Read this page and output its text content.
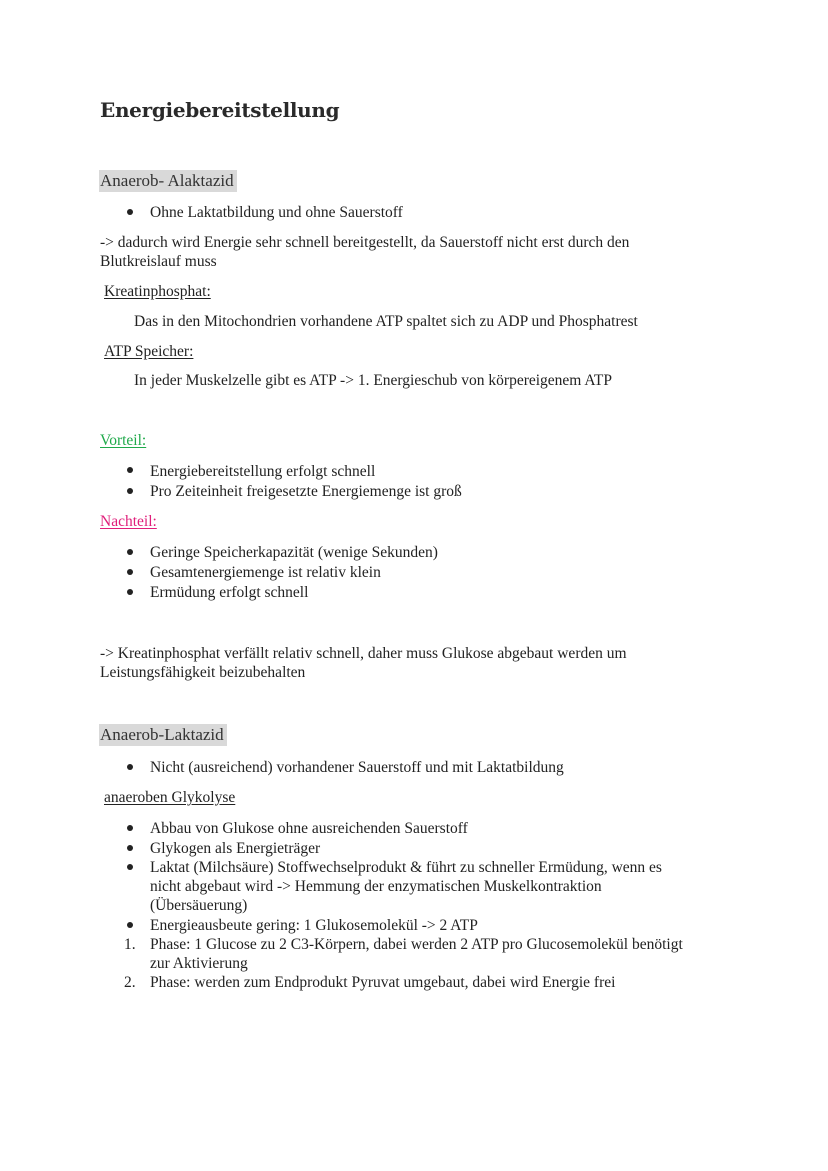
Energiebereitstellung
Anaerob- Alaktazid
Ohne Laktatbildung und ohne Sauerstoff
-> dadurch wird Energie sehr schnell bereitgestellt, da Sauerstoff nicht erst durch den
Blutkreislauf muss
Kreatinphosphat:
Das in den Mitochondrien vorhandene ATP spaltet sich zu ADP und Phosphatrest
ATP Speicher:
In jeder Muskelzelle gibt es ATP -> 1. Energieschub von körpereigenem ATP
Vorteil:
Energiebereitstellung erfolgt schnell
Pro Zeiteinheit freigesetzte Energiemenge ist groß
Nachteil:
Geringe Speicherkapazität (wenige Sekunden)
Gesamtenergiemenge ist relativ klein
Ermüdung erfolgt schnell
-> Kreatinphosphat verfällt relativ schnell, daher muss Glukose abgebaut werden um
Leistungsfähigkeit beizubehalten
Anaerob-Laktazid
Nicht (ausreichend) vorhandener Sauerstoff und mit Laktatbildung
anaeroben Glykolyse
Abbau von Glukose ohne ausreichenden Sauerstoff
Glykogen als Energieträger
Laktat (Milchsäure) Stoffwechselprodukt & führt zu schneller Ermüdung, wenn es
nicht abgebaut wird -> Hemmung der enzymatischen Muskelkontraktion
(Übersäuerung)
Energieausbeute gering: 1 Glukosemolekül -> 2 ATP
1. Phase: 1 Glucose zu 2 C3-Körpern, dabei werden 2 ATP pro Glucosemolekül benötigt
zur Aktivierung
2. Phase: werden zum Endprodukt Pyruvat umgebaut, dabei wird Energie frei
